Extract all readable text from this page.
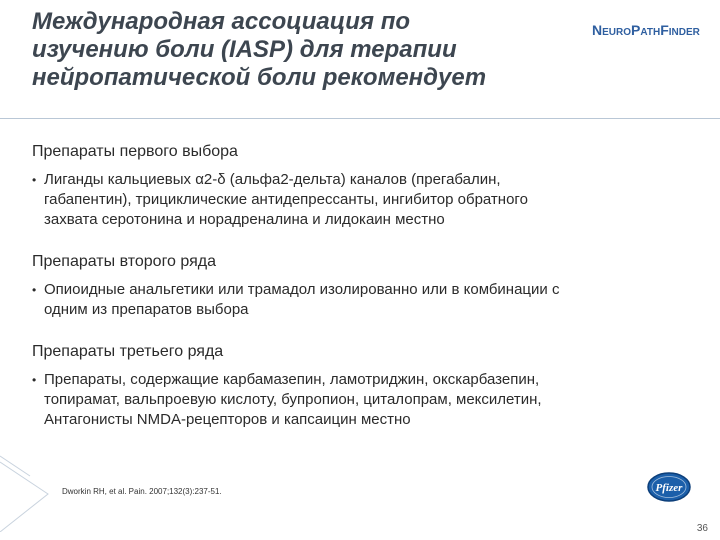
Международная ассоциация по
изучению боли (IASP) для терапии
нейропатической боли рекомендует
NEUROPATHFINDER
Препараты первого выбора
• Лиганды кальциевых α2-δ (альфа2-дельта) каналов (прегабалин,
габапентин), трициклические антидепрессанты, ингибитор обратного
захвата серотонина и норадреналина и лидокаин местно
Препараты второго ряда
• Опиоидные анальгетики или трамадол изолированно или в комбинации с
одним из препаратов выбора
Препараты третьего ряда
• Препараты, содержащие карбамазепин, ламотриджин, окскарбазепин,
топирамат, вальпроевую кислоту, бупропион, циталопрам, мексилетин,
Антагонисты NMDA-рецепторов и капсаицин местно
Dworkin RH, et al. Pain. 2007;132(3):237-51.	Pfizer
36
